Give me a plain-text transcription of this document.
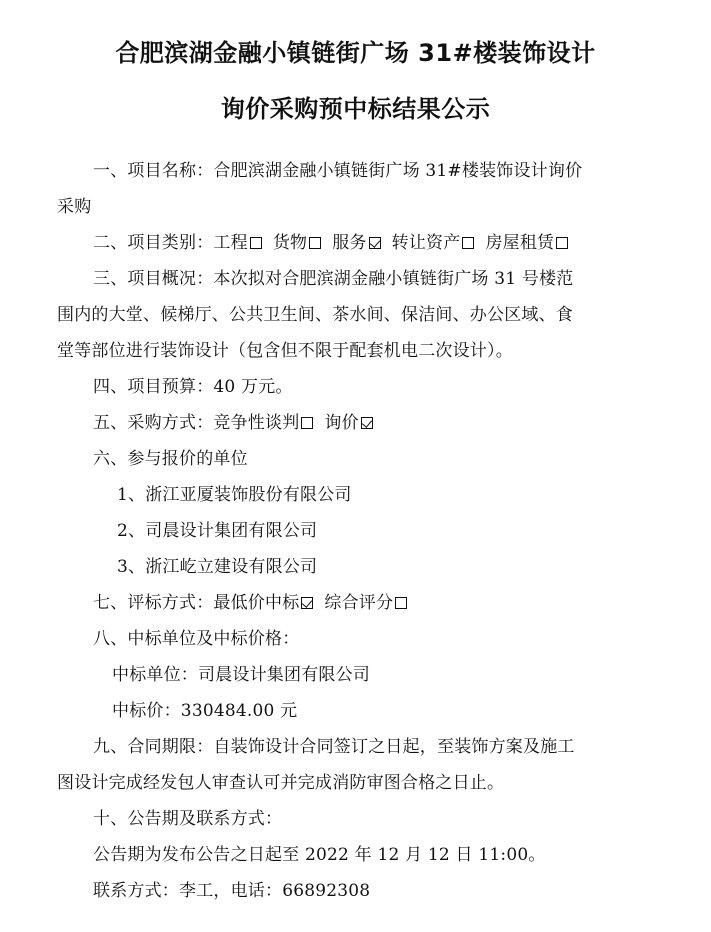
合肥滨湖金融小镇链街广场 31#楼装饰设计
询价采购预中标结果公示
一、项目名称：合肥滨湖金融小镇链街广场 31#楼装饰设计询价
采购
二、项目类别：工程 货物 服务 转让资产 房屋租赁
三、项目概况：本次拟对合肥滨湖金融小镇链街广场 31 号楼范
围内的大堂、候梯厅、公共卫生间、茶水间、保洁间、办公区域、食
堂等部位进行装饰设计（包含但不限于配套机电二次设计）。
四、项目预算：40 万元。
五、采购方式：竞争性谈判 询价
六、参与报价的单位
1、浙江亚厦装饰股份有限公司
2、司晨设计集团有限公司
3、浙江屹立建设有限公司
七、评标方式：最低价中标 综合评分
八、中标单位及中标价格：
中标单位：司晨设计集团有限公司
中标价：330484.00 元
九、合同期限：自装饰设计合同签订之日起，至装饰方案及施工
图设计完成经发包人审查认可并完成消防审图合格之日止。
十、公告期及联系方式：
公告期为发布公告之日起至 2022 年 12 月 12 日 11:00。
联系方式：李工，电话：66892308
